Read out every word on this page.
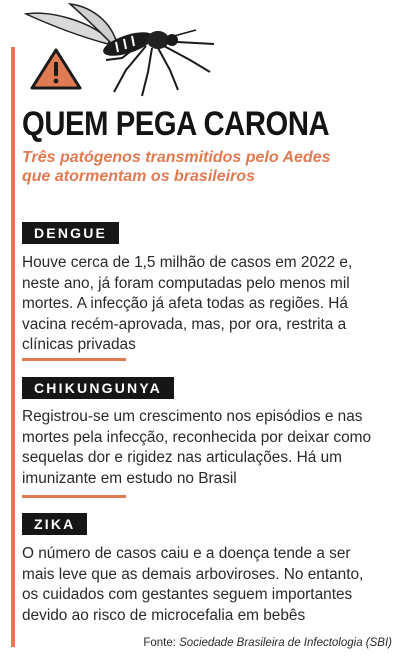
QUEM PEGA CARONA
Três patógenos transmitidos pelo Aedes que atormentam os brasileiros
DENGUE
Houve cerca de 1,5 milhão de casos em 2022 e, neste ano, já foram computadas pelo menos mil mortes. A infecção já afeta todas as regiões. Há vacina recém-aprovada, mas, por ora, restrita a clínicas privadas
CHIKUNGUNYA
Registrou-se um crescimento nos episódios e nas mortes pela infecção, reconhecida por deixar como sequelas dor e rigidez nas articulações. Há um imunizante em estudo no Brasil
ZIKA
O número de casos caiu e a doença tende a ser mais leve que as demais arboviroses. No entanto, os cuidados com gestantes seguem importantes devido ao risco de microcefalia em bebês
Fonte: Sociedade Brasileira de Infectologia (SBI)
